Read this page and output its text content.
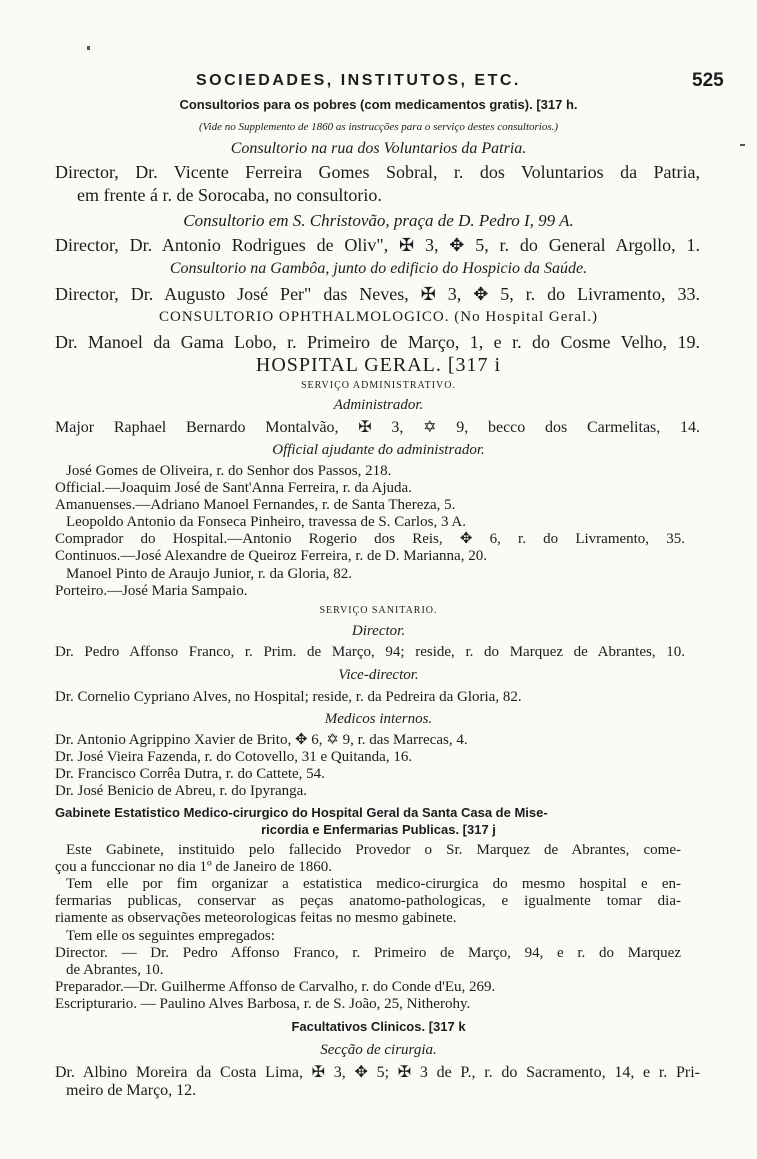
SOCIEDADES, INSTITUTOS, ETC.	525
Consultorios para os pobres (com medicamentos gratis). [317 h.
(Vide no Supplemento de 1860 as instrucções para o serviço destes consultorios.)
Consultorio na rua dos Voluntarios da Patria.
Director, Dr. Vicente Ferreira Gomes Sobral, r. dos Voluntarios da Patria,
em frente á r. de Sorocaba, no consultorio.
Consultorio em S. Christovão, praça de D. Pedro I, 99 A.
Director, Dr. Antonio Rodrigues de Oliv", ✠ 3, ✥ 5, r. do General Argollo, 1.
Consultorio na Gambôa, junto do edificio do Hospicio da Saúde.
Director, Dr. Augusto José Per" das Neves, ✠ 3, ✥ 5, r. do Livramento, 33.
CONSULTORIO OPHTHALMOLOGICO. (No Hospital Geral.)
Dr. Manoel da Gama Lobo, r. Primeiro de Março, 1, e r. do Cosme Velho, 19.
HOSPITAL GERAL. [317 i
SERVIÇO ADMINISTRATIVO.
Administrador.
Major Raphael Bernardo Montalvão, ✠ 3, ✡ 9, becco dos Carmelitas, 14.
Official ajudante do administrador.
José Gomes de Oliveira, r. do Senhor dos Passos, 218.
Official.—Joaquim José de Sant'Anna Ferreira, r. da Ajuda.
Amanuenses.—Adriano Manoel Fernandes, r. de Santa Thereza, 5.
Leopoldo Antonio da Fonseca Pinheiro, travessa de S. Carlos, 3 A.
Comprador do Hospital.—Antonio Rogerio dos Reis, ✥ 6, r. do Livramento, 35.
Continuos.—José Alexandre de Queiroz Ferreira, r. de D. Marianna, 20.
Manoel Pinto de Araujo Junior, r. da Gloria, 82.
Porteiro.—José Maria Sampaio.
SERVIÇO SANITARIO.
Director.
Dr. Pedro Affonso Franco, r. Prim. de Março, 94; reside, r. do Marquez de Abrantes, 10.
Vice-director.
Dr. Cornelio Cypriano Alves, no Hospital; reside, r. da Pedreira da Gloria, 82.
Medicos internos.
Dr. Antonio Agrippino Xavier de Brito, ✥ 6, ✡ 9, r. das Marrecas, 4.
Dr. José Vieira Fazenda, r. do Cotovello, 31 e Quitanda, 16.
Dr. Francisco Corrêa Dutra, r. do Cattete, 54.
Dr. José Benicio de Abreu, r. do Ipyranga.
Gabinete Estatistico Medico-cirurgico do Hospital Geral da Santa Casa de Mise-
ricordia e Enfermarias Publicas. [317 j
Este Gabinete, instituido pelo fallecido Provedor o Sr. Marquez de Abrantes, come-
çou a funccionar no dia 1º de Janeiro de 1860.
Tem elle por fim organizar a estatistica medico-cirurgica do mesmo hospital e en-
fermarias publicas, conservar as peças anatomo-pathologicas, e igualmente tomar dia-
riamente as observações meteorologicas feitas no mesmo gabinete.
Tem elle os seguintes empregados:
Director. — Dr. Pedro Affonso Franco, r. Primeiro de Março, 94, e r. do Marquez
de Abrantes, 10.
Preparador.—Dr. Guilherme Affonso de Carvalho, r. do Conde d'Eu, 269.
Escripturario. — Paulino Alves Barbosa, r. de S. João, 25, Nitherohy.
Facultativos Clinicos. [317 k
Secção de cirurgia.
Dr. Albino Moreira da Costa Lima, ✠ 3, ✥ 5; ✠ 3 de P., r. do Sacramento, 14, e r. Pri-
meiro de Março, 12.
